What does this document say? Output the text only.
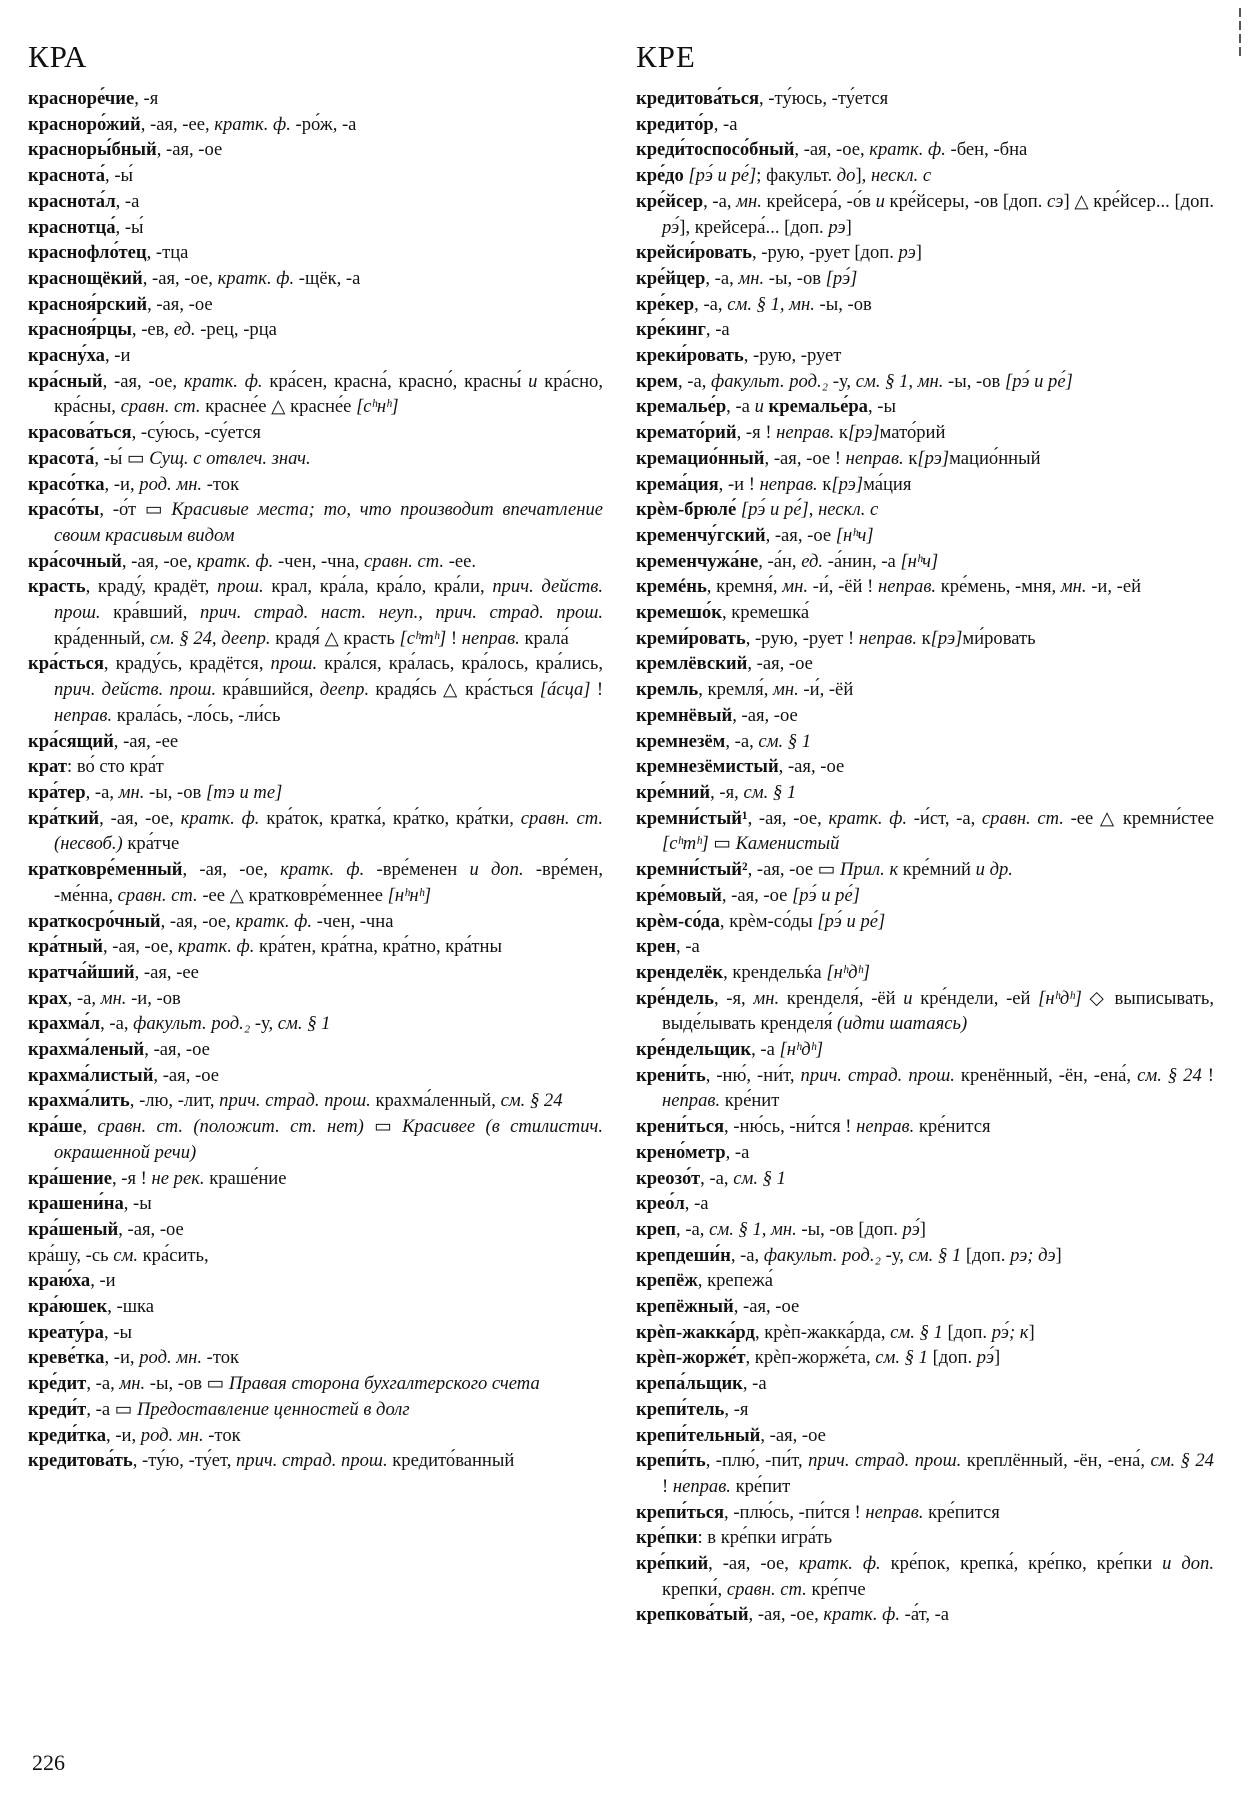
КРА

красноре́чие, -я

красноро́жий, -ая, -ее, кратк. ф. -ро́ж, -а

красноры́бный, -ая, -ое

краснота́, -ы́

краснота́л, -а

краснотца́, -ы́

краснофло́тец, -тца

краснощёкий, -ая, -ое, кратк. ф. -щёк, -а

красноя́рский, -ая, -ое

красноя́рцы, -ев, ед. -рец, -рца

красну́ха, -и

кра́сный, -ая, -ое, кратк. ф. кра́сен, красна́, красно́, красны́ и кра́сно, кра́сны, сравн. ст. красне́е △ красне́е [cʰнʰ]

красова́ться, -су́юсь, -су́ется

красота́, -ы́ ▭ Сущ. с отвлеч. знач.

красо́тка, -и, род. мн. -ток

красо́ты, -о́т ▭ Красивые места; то, что производит впечатление своим красивым видом

кра́сочный, -ая, -ое, кратк. ф. -чен, -чна, сравн. ст. -ее.

красть, краду́, крадёт, прош. крал, кра́ла, кра́ло, кра́ли, прич. действ. прош. кра́вший, прич. страд. наст. неуп., прич. страд. прош. кра́денный, см. § 24, деепр. крадя́ △ красть [cʰтʰ] ! неправ. крала́

кра́сться, краду́сь, крадётся, прош. кра́лся, кра́лась, кра́лось, кра́лись, прич. действ. прош. кра́вшийся, деепр. крадя́сь △ кра́сться [áсца] ! неправ. крала́сь, -ло́сь, -ли́сь

кра́сящий, -ая, -ее

крат: во́ сто кра́т

кра́тер, -а, мн. -ы, -ов [тэ и те]

кра́ткий, -ая, -ое, кратк. ф. кра́ток, кратка́, кра́тко, кра́тки, сравн. ст. (несвоб.) кра́тче

кратковре́менный, -ая, -ое, кратк. ф. -вре́менен и доп. -вре́мен, -ме́нна, сравн. ст. -ее △ кратковре́меннее [нʰнʰ]

краткосро́чный, -ая, -ое, кратк. ф. -чен, -чна

кра́тный, -ая, -ое, кратк. ф. кра́тен, кра́тна, кра́тно, кра́тны

кратча́йший, -ая, -ее

крах, -а, мн. -и, -ов

крахма́л, -а, факульт. род.₂ -у, см. § 1

крахма́леный, -ая, -ое

крахма́листый, -ая, -ое

крахма́лить, -лю, -лит, прич. страд. прош. крахма́ленный, см. § 24

кра́ше, сравн. ст. (положит. ст. нет) ▭ Красивее (в стилистич. окрашенной речи)

кра́шение, -я ! не рек. краше́ние

крашени́на, -ы

кра́шеный, -ая, -ое

кра́шу, -сь см. кра́сить,

краю́ха, -и

кра́юшек, -шка

креату́ра, -ы

креве́тка, -и, род. мн. -ток

кре́дит, -а, мн. -ы, -ов ▭ Правая сторона бухгалтерского счета

креди́т, -а ▭ Предоставление ценностей в долг

креди́тка, -и, род. мн. -ток

кредитова́ть, -ту́ю, -ту́ет, прич. страд. прош. кредито́ванный

КРЕ

кредитова́ться, -ту́юсь, -ту́ется

кредито́р, -а

креди́тоспосо́бный, -ая, -ое, кратк. ф. -бен, -бна

кре́до [рэ́ и ре́]; факульт. до], нескл. с

кре́йсер, -а, мн. крейсера́, -о́в и кре́йсеры, -ов [доп. сэ] △ кре́йсер... [доп. рэ́], крейсера́... [доп. рэ]

крейси́ровать, -рую, -рует [доп. рэ]

кре́йцер, -а, мн. -ы, -ов [рэ́]

кре́кер, -а, см. § 1, мн. -ы, -ов

кре́кинг, -а

креки́ровать, -рую, -рует

крем, -а, факульт. род.₂ -у, см. § 1, мн. -ы, -ов [рэ́ и ре́]

кремалье́р, -а и кремалье́ра, -ы

кремато́рий, -я ! неправ. к[рэ]мато́рий

кремацио́нный, -ая, -ое ! неправ. к[рэ]мацио́нный

крема́ция, -и ! неправ. к[рэ]ма́ция

крѐм-брюле́ [рэ́ и ре́], нескл. с

кременчу́гский, -ая, -ое [нʰч]

кременчужа́не, -а́н, ед. -а́нин, -а [нʰч]

кремéнь, кремня́, мн. -и́, -ёй ! неправ. кре́мень, -мня, мн. -и, -ей

кремешо́к, кремешка́

креми́ровать, -рую, -рует ! неправ. к[рэ]ми́ровать

кремлёвский, -ая, -ое

кремль, кремля́, мн. -и́, -ёй

кремнёвый, -ая, -ое

кремнезём, -а, см. § 1

кремнезёмистый, -ая, -ое

кре́мний, -я, см. § 1

кремни́стый¹, -ая, -ое, кратк. ф. -и́ст, -а, сравн. ст. -ее △ кремни́стее [cʰтʰ] ▭ Каменистый

кремни́стый², -ая, -ое ▭ Прил. к кре́мний и др.

кре́мовый, -ая, -ое [рэ́ и ре́]

крѐм-со́да, крѐм-со́ды [рэ́ и ре́]

крен, -а

кренделёк, крендельќа [нʰдʰ]

кре́ндель, -я, мн. кренделя́, -ёй и кре́ндели, -ей [нʰдʰ] ◇ выписывать, выде́лывать кренделя́ (идти шатаясь)

кре́ндельщик, -а [нʰдʰ]

крени́ть, -ню́, -ни́т, прич. страд. прош. кренённый, -ён, -ена́, см. § 24 ! неправ. кре́нит

крени́ться, -ню́сь, -ни́тся ! неправ. кре́нится

крено́метр, -а

креозо́т, -а, см. § 1

крео́л, -а

креп, -а, см. § 1, мн. -ы, -ов [доп. рэ́]

крепдеши́н, -а, факульт. род.₂ -у, см. § 1 [доп. рэ; дэ]

крепёж, крепежа́

крепёжный, -ая, -ое

крѐп-жакка́рд, крѐп-жакка́рда, см. § 1 [доп. рэ́; к]

крѐп-жорже́т, крѐп-жорже́та, см. § 1 [доп. рэ́]

крепа́льщик, -а

крепи́тель, -я

крепи́тельный, -ая, -ое

крепи́ть, -плю́, -пи́т, прич. страд. прош. креплённый, -ён, -ена́, см. § 24 ! неправ. кре́пит

крепи́ться, -плю́сь, -пи́тся ! неправ. кре́пится

кре́пки: в кре́пки игра́ть

кре́пкий, -ая, -ое, кратк. ф. кре́пок, крепка́, кре́пко, кре́пки и доп. крепки́, сравн. ст. кре́пче

крепкова́тый, -ая, -ое, кратк. ф. -а́т, -а

226
